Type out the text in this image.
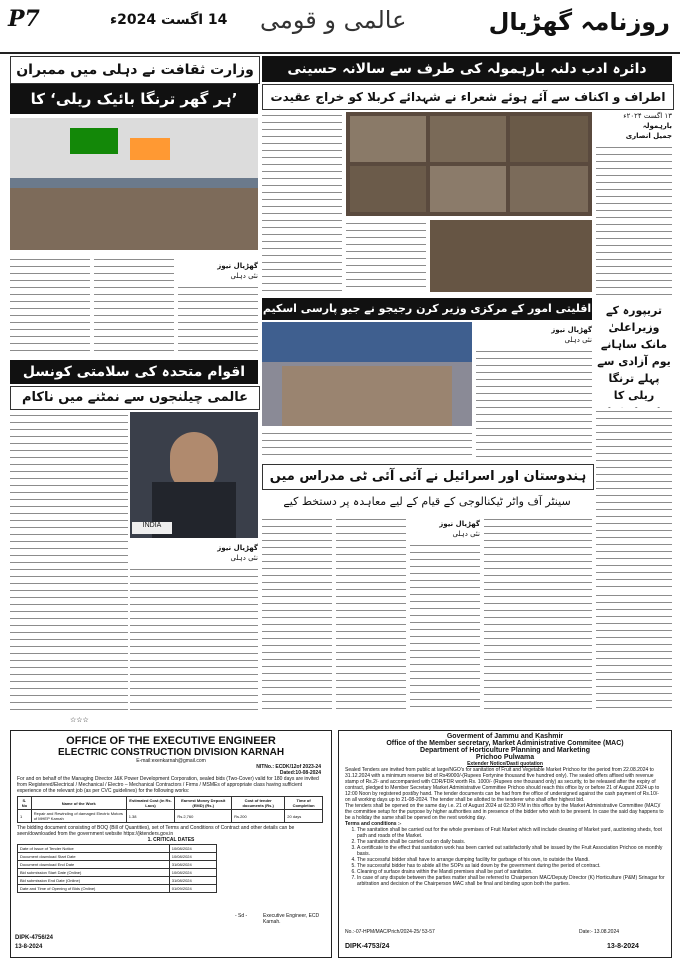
P7	14 اگست 2024ء عالمی و قومی	روزنامہ گھڑیال
وزارت ثقافت نے دہلی میں ممبران
’ہر گھر ترنگا بائیک ریلی‘ کا
گھڑیال نیوز
نئی دہلی
اقوام متحدہ کی سلامتی کونسل
عالمی چیلنجوں سے نمٹنے میں ناکام
INDIA
گھڑیال نیوز
نئی دہلی
☆☆☆
دائرہ ادب دلنہ بارہمولہ کی طرف سے سالانہ حسینی
اطراف و اکناف سے آئے ہوئے شعراء نے شہدائے کربلا کو خراج عقیدت
۱۳ اگست ۲۰۲۴ء
بارہمولہ
جمیل انصاری
اقلیتی امور کے مرکزی وزیر کرن رجیجو نے جیو پارسی اسکیم
گھڑیال نیوز
نئی دہلی
تریپورہ کے وزیراعلیٰ مانک ساہانے یوم آزادی سے پہلے ترنگا ریلی کا
ہندوستان اور اسرائیل نے آئی آئی ٹی مدراس میں
سینٹر آف واٹر ٹیکنالوجی کے قیام کے لیے معاہدہ پر دستخط کیے
گھڑیال نیوز
نئی دہلی
OFFICE OF THE EXECUTIVE ENGINEER
ELECTRIC CONSTRUCTION DIVISION KARNAH
E-mail:exenkarnah@gmail.com
NITNo.: ECDK/12of 2023-24
Dated:10-08-2024
For and on behalf of the Managing Director J&K Power Development Corporation, sealed bids (Two-Cover) valid for 180 days are invited from Registered/Electrical / Mechanical / Electro – Mechanical Contractors / Firms / MSMEs of appropriate class having sufficient experience of the relevant job (as per CVC guidelines) for the following works:
S. No	Name of the Work	Estimated Cost (in Rs. Lacs)	Earnest Money Deposit (EMD) (Rs.)	Cost of tender documents (Rs.)	Time of Completion
1	Repair and Rewinding of damaged Electric Motors of MHEP Karnah	1.38	Rs.2,760	Rs.200	20 days
The bidding document consisting of BOQ (Bill of Quantities), set of Terms and Conditions of Contract and other details can be seen/downloaded from the government website https://jktenders.gov.in
1. CRITICAL DATES
Date of Issue of Tender Notice	10/08/2024
Document download Start Date	10/08/2024
Document download End Date	31/08/2024
Bid submission Start Date (Online)	10/08/2024
Bid submission End Date (Online)	31/08/2024
Date and Time of Opening of Bids (Online)	01/09/2024
- Sd -	Executive Engineer, ECD Karnah.
DIPK-4756/24
13-8-2024
Goverment of Jammu and Kashmir
Office of the Member secretary, Market Administrative Commitee (MAC)
Department of Horticulture Planning and Marketing
Prichoo Pulwama
Extender Notice/Dasti quotation
Sealed Tenders are invited from public at large/NGO's for sanitation of Fruit and Vegetable Market Prichoo for the period from 22.08.2024 to 31.12.2024 with a minimum reserve bid of Rs49000/-(Rupees Fortynine thousand five hundred only). The sealed offers affixed with revenue stamp of Rs.2/- and accompanied with CDR/FDR worth Rs. 1000/- (Rupees one thousand only) as security, to be released after the expiry of contract, pledged to Member Secretary Market Administrative Committee Prichoo should reach this office by or before 21 of August 2024 up to 12:00 Noon by registered post/by hand. The tender documents can be had from the office of undersigned against the cash payment of Rs.10/- on all working days up to 21-08-2024. The tender shall be allotted to the tenderer who shall offer highest bid.
The tenders shall be opened on the same day i.e. 21 of August 2024 at 02:30 P.M in this office by the Market Administrative Committee (MAC)/ the committee setup for the purpose by higher authorities and in presence of the bidder who wish to be present. In case the said day happens to be a holiday the same shall be opened on the next working day.
Terms and conditions :-
1. The sanitation shall be carried out for the whole premises of Fruit Market which will include cleaning of Market yard, auctioning sheds, foot path and roads of the Market.
2. The sanitation shall be carried out on daily basis.
3. A certificate to the effect that sanitation work has been carried out satisfactorily shall be issued by the Fruit Association Prichoo on monthly basis.
4. The successful bidder shall have to arrange dumping facility for garbage of his own, to outside the Mandi.
5. The successful bidder has to abide all the SOPs as laid down by the government during the period of contract.
6. Cleaning of surface drains within the Mandi premises shall be part of sanitation.
7. In case of any dispute between the parties matter shall be referred to Chairperson MAC/Deputy Director (K) Horticulture (P&M) Srinagar for arbitration and decision of the Chairperson MAC shall be final and binding upon both the parties.
No.:-07-HPM/MAC/Prich/2024-25/ 53-57	Date:- 13.08.2024
DIPK-4753/24	13-8-2024
